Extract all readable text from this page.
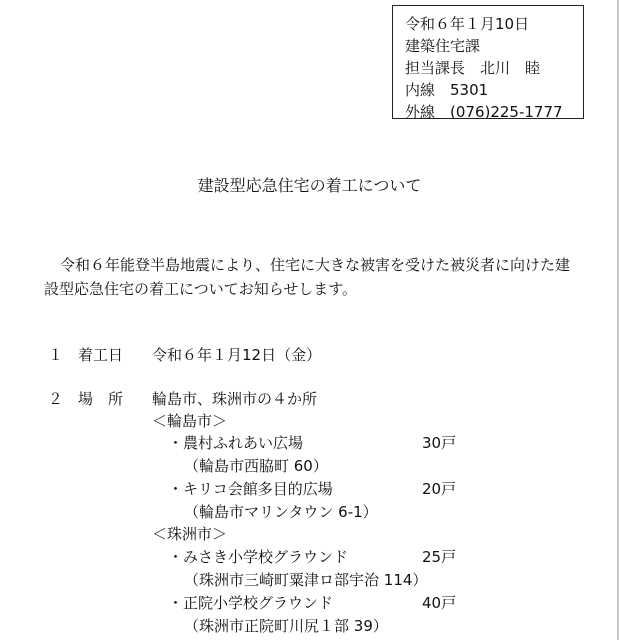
令和６年１月10日
建築住宅課
担当課長　北川　睦
内線　5301
外線　(076)225-1777
建設型応急住宅の着工について
令和６年能登半島地震により、住宅に大きな被害を受けた被災者に向けた建
設型応急住宅の着工についてお知らせします。
１ 着工日 令和６年１月12日（金）
２ 場　所 輪島市、珠洲市の４か所
＜輪島市＞
・農村ふれあい広場	30戸
（輪島市西脇町 60）
・キリコ会館多目的広場	20戸
（輪島市マリンタウン 6-1）
＜珠洲市＞
・みさき小学校グラウンド	25戸
（珠洲市三崎町粟津ロ部宇治 114）
・正院小学校グラウンド	40戸
（珠洲市正院町川尻１部 39）
